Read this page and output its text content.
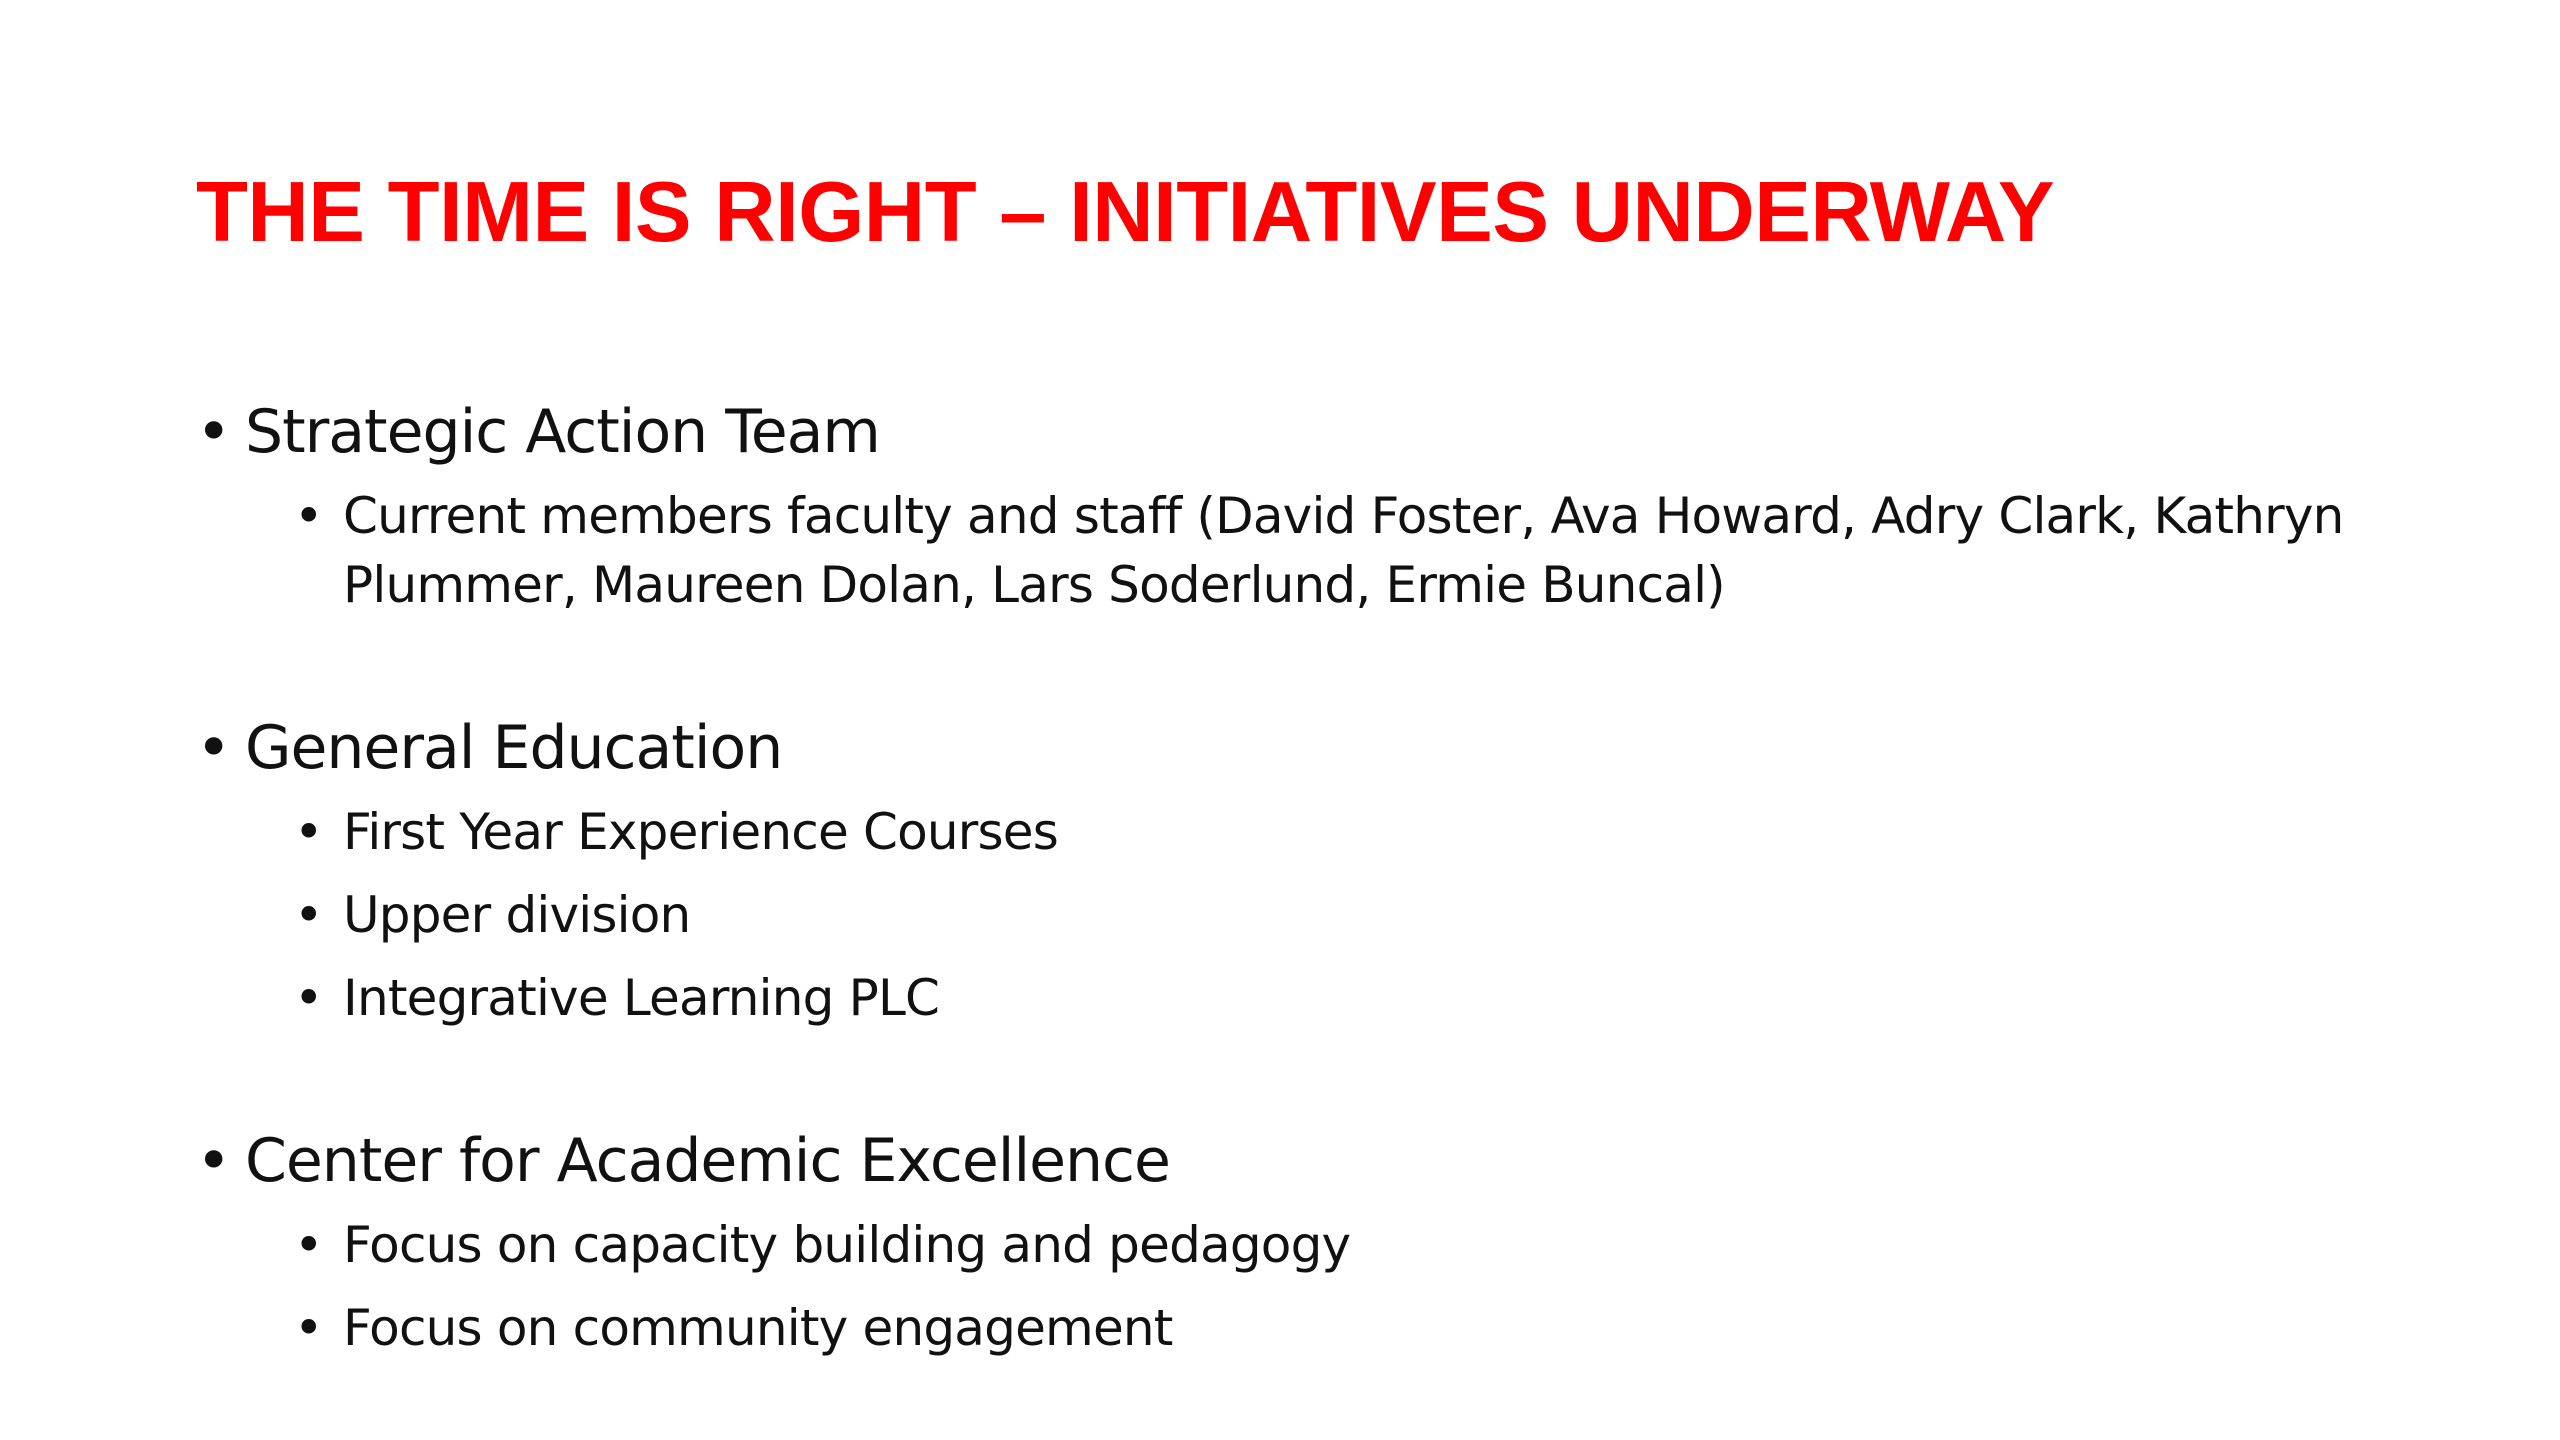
THE TIME IS RIGHT – INITIATIVES UNDERWAY
• Strategic Action Team
• Current members faculty and staff (David Foster, Ava Howard, Adry Clark, Kathryn Plummer, Maureen Dolan, Lars Soderlund, Ermie Buncal)
• General Education
• First Year Experience Courses
• Upper division
• Integrative Learning PLC
• Center for Academic Excellence
• Focus on capacity building and pedagogy
• Focus on community engagement
